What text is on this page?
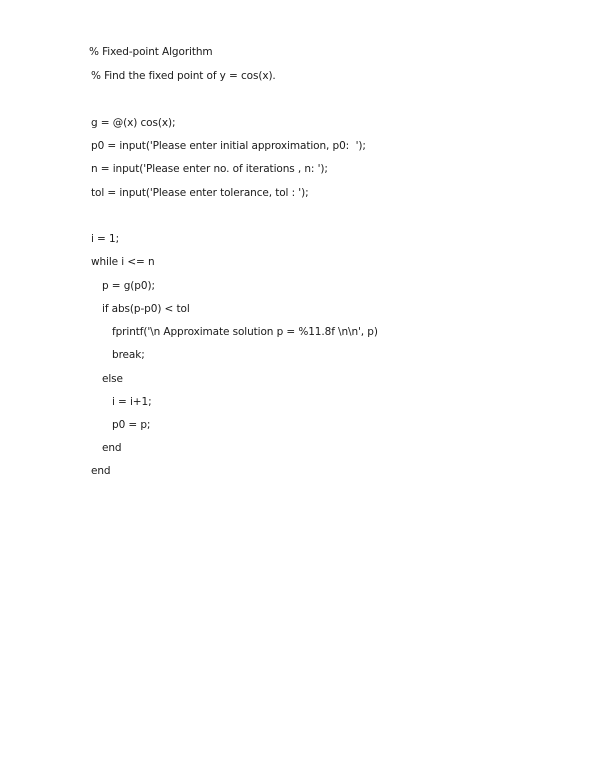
% Fixed-point Algorithm
% Find the fixed point of y = cos(x).
g = @(x) cos(x);
p0 = input('Please enter initial approximation, p0:  ');
n = input('Please enter no. of iterations , n: ');
tol = input('Please enter tolerance, tol : ');
i = 1;
while i <= n
p = g(p0);
if abs(p-p0) < tol
fprintf('\n Approximate solution p = %11.8f \n\n', p)
break;
else
i = i+1;
p0 = p;
end
end
